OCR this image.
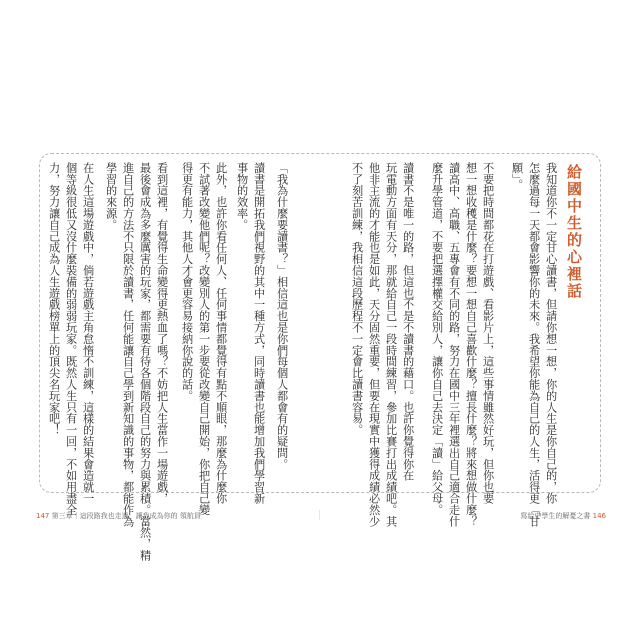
給國中生的心裡話
我知道你不一定甘心讀書，但請你想一想，你的人生是你自己的，你
怎麼過每一天都會影響你的未來。我希望你能為自己的人生，活得更「甘
願」。
不要把時間都花在打遊戲、看影片上，這些事情雖然好玩，但你也要
想一想收穫是什麼？要想一想自己喜歡什麼？擅長什麼？將來想做什麼？
讀高中、高職、五專會有不同的路，努力在國中三年裡選出自己適合走什
麼升學管道，不要把選擇權交給別人，讓你自己去決定「讀」給父母。
讀書不是唯一的路，但這也不是不讀書的藉口。也許你覺得你在
玩電動方面有天分，那就給自己一段時間練習，參加比賽打出成績吧。其
他非主流的才能也是如此，天分固然重要，但要在現實中獲得成績必然少
不了刻苦訓練，我相信這段歷程不一定會比讀書容易。
「我為什麼要讀書？」相信這也是你們每個人都會有的疑問。
讀書是開拓我們視野的其中一種方式，同時讀書也能增加我們學習新
事物的效率。
此外，也許你看任何人、任何事情都覺得有點不順眼，那麼為什麼你
不試著改變他們呢？改變別人的第一步要從改變自己開始，你把自己變
得更有能力，其他人才會更容易接納你說的話。
看到這裡，有覺得生命變得更熱血了嗎？不妨把人生當作一場遊戲，
最後會成為多麼厲害的玩家，都需要有待各個階段自己的努力與累積。當然，精
進自己的方法不只限於讀書，任何能讓自己學到新知識的事物，都能作為
學習的來源。
在人生這場遊戲中，倘若遊戲主角怠惰不訓練，這樣的結果會造就一
個等級很低又沒什麼裝備的弱弱玩家。既然人生只有一回，不如用盡全
力，努力讓自己成為人生遊戲榜單上的頂尖名玩家吧！
147 第三章｜這段路我也走過，讓我成為你的 領航員	寫給中學生的解憂之書 146
